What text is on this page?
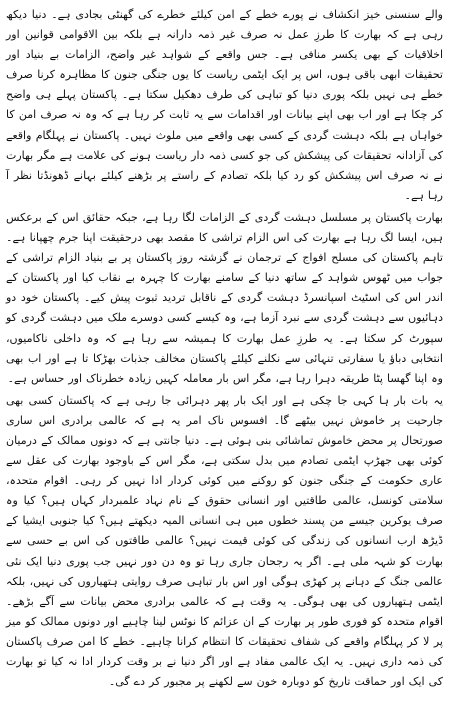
والے سنسنی خیز انکشاف نے پورے خطے کے امن کیلئے خطرے کی گھنٹی بجادی ہے۔ دنیا دیکھ رہی ہے کہ بھارت کا طرزِ عمل نہ صرف غیر ذمہ دارانہ ہے بلکہ بین الاقوامی قوانین اور اخلاقیات کے بھی یکسر منافی ہے۔ جس واقعے کے شواہد غیر واضح، الزامات بے بنیاد اور تحقیقات ابھی باقی ہوں، اس پر ایک ایٹمی ریاست کا یوں جنگی جنون کا مظاہرہ کرنا صرف خطے ہی نہیں بلکہ پوری دنیا کو تباہی کی طرف دھکیل سکتا ہے۔ پاکستان پہلے ہی واضح کر چکا ہے اور اب بھی اپنے بیانات اور اقدامات سے یہ ثابت کر رہا ہے کہ وہ نہ صرف امن کا خواہاں ہے بلکہ دہشت گردی کے کسی بھی واقعے میں ملوث نہیں۔ پاکستان نے پہلگام واقعے کی آزادانہ تحقیقات کی پیشکش کی جو کسی ذمہ دار ریاست ہونے کی علامت ہے مگر بھارت نے نہ صرف اس پیشکش کو رد کیا بلکہ تصادم کے راستے پر بڑھنے کیلئے بہانے ڈھونڈتا نظر آ رہا ہے۔

بھارت پاکستان پر مسلسل دہشت گردی کے الزامات لگا رہا ہے، جبکہ حقائق اس کے برعکس ہیں، ایسا لگ رہا ہے بھارت کی اس الزام تراشی کا مقصد بھی درحقیقت اپنا جرم چھپانا ہے۔ تاہم پاکستان کی مسلح افواج کے ترجمان نے گزشتہ روز پاکستان پر بے بنیاد الزام تراشی کے جواب میں ٹھوس شواہد کے ساتھ دنیا کے سامنے بھارت کا چہرہ بے نقاب کیا اور پاکستان کے اندر اس کی اسٹیٹ اسپانسرڈ دہشت گردی کے ناقابل تردید ثبوت پیش کیے۔ پاکستان خود دو دہائیوں سے دہشت گردی سے نبرد آزما ہے، وہ کیسے کسی دوسرے ملک میں دہشت گردی کو سپورٹ کر سکتا ہے۔ یہ طرزِ عمل بھارت کا ہمیشہ سے رہا ہے کہ وہ داخلی ناکامیوں، انتخابی دباؤ یا سفارتی تنہائی سے نکلنے کیلئے پاکستان مخالف جذبات بھڑکا تا ہے اور اب بھی وہ اپنا گھسا پٹا طریقہ دہرا رہا ہے، مگر اس بار معاملہ کہیں زیادہ خطرناک اور حساس ہے۔

یہ بات بار ہا کہی جا چکی ہے اور ایک بار پھر دہرائی جا رہی ہے کہ پاکستان کسی بھی جارحیت پر خاموش نہیں بیٹھے گا۔ افسوس ناک امر یہ ہے کہ عالمی برادری اس ساری صورتحال پر محض خاموش تماشائی بنی ہوئی ہے۔ دنیا جانتی ہے کہ دونوں ممالک کے درمیان کوئی بھی جھڑپ ایٹمی تصادم میں بدل سکتی ہے، مگر اس کے باوجود بھارت کی عقل سے عاری حکومت کے جنگی جنون کو روکنے میں کوئی کردار ادا نہیں کر رہی۔ اقوام متحدہ، سلامتی کونسل، عالمی طاقتیں اور انسانی حقوق کے نام نہاد علمبردار کہاں ہیں؟ کیا وہ صرف یوکرین جیسے من پسند خطوں میں ہی انسانی المیہ دیکھتے ہیں؟ کیا جنوبی ایشیا کے ڈیڑھ ارب انسانوں کی زندگی کی کوئی قیمت نہیں؟ عالمی طاقتوں کی اس بے حسی سے بھارت کو شہہ ملی ہے۔ اگر یہ رجحان جاری رہا تو وہ دن دور نہیں جب پوری دنیا ایک نئی عالمی جنگ کے دہانے پر کھڑی ہوگی اور اس بار تباہی صرف روایتی ہتھیاروں کی نہیں، بلکہ ایٹمی ہتھیاروں کی بھی ہوگی۔ یہ وقت ہے کہ عالمی برادری محض بیانات سے آگے بڑھے۔ اقوام متحدہ کو فوری طور پر بھارت کے ان عزائم کا نوٹس لینا چاہیے اور دونوں ممالک کو میز پر لا کر پہلگام واقعے کی شفاف تحقیقات کا انتظام کرانا چاہیے۔ خطے کا امن صرف پاکستان کی ذمہ داری نہیں۔ یہ ایک عالمی مفاد ہے اور اگر دنیا نے بر وقت کردار ادا نہ کیا تو بھارت کی ایک اور حماقت تاریخ کو دوبارہ خون سے لکھنے پر مجبور کر دے گی۔
